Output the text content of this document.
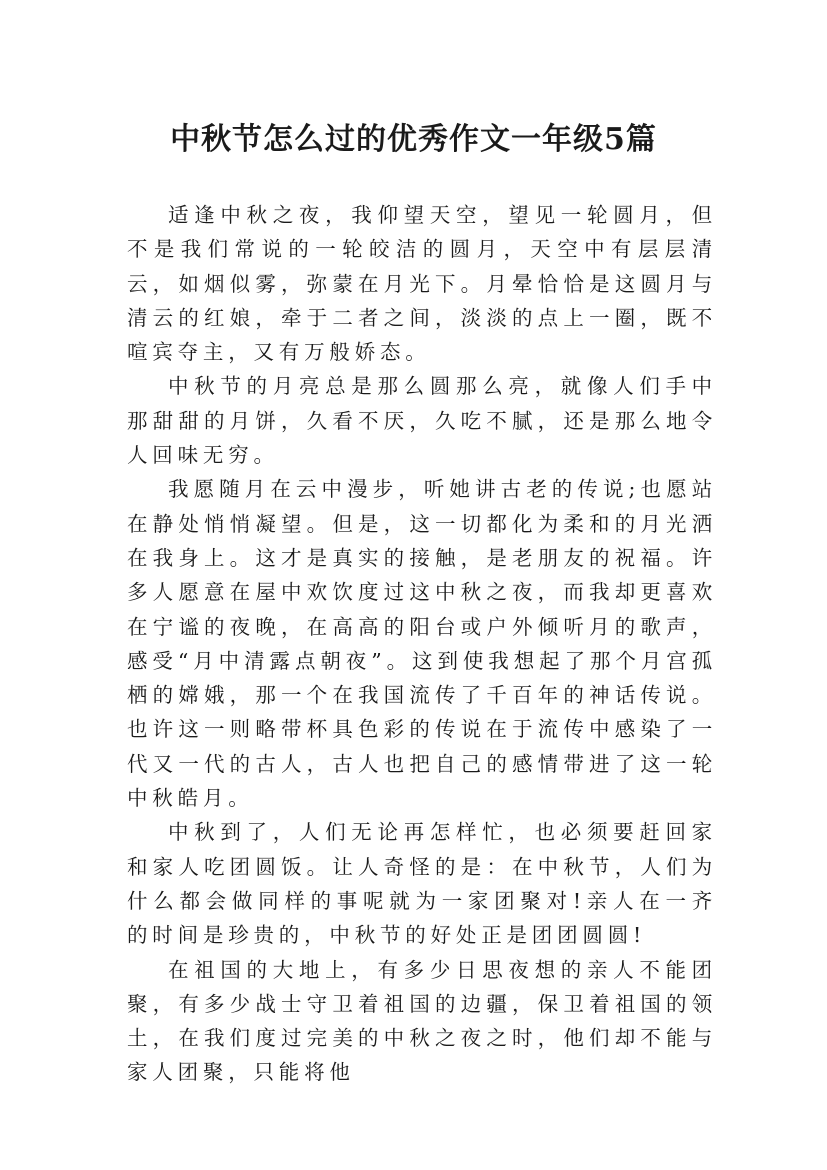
中秋节怎么过的优秀作文一年级5篇

适逢中秋之夜，我仰望天空，望见一轮圆月，但不是我们常说的一轮皎洁的圆月，天空中有层层清云，如烟似雾，弥蒙在月光下。月晕恰恰是这圆月与清云的红娘，牵于二者之间，淡淡的点上一圈，既不喧宾夺主，又有万般娇态。

中秋节的月亮总是那么圆那么亮，就像人们手中那甜甜的月饼，久看不厌，久吃不腻，还是那么地令人回味无穷。

我愿随月在云中漫步，听她讲古老的传说;也愿站在静处悄悄凝望。但是，这一切都化为柔和的月光洒在我身上。这才是真实的接触，是老朋友的祝福。许多人愿意在屋中欢饮度过这中秋之夜，而我却更喜欢在宁谧的夜晚，在高高的阳台或户外倾听月的歌声，感受“月中清露点朝夜”。这到使我想起了那个月宫孤栖的嫦娥，那一个在我国流传了千百年的神话传说。也许这一则略带杯具色彩的传说在于流传中感染了一代又一代的古人，古人也把自己的感情带进了这一轮中秋皓月。

中秋到了，人们无论再怎样忙，也必须要赶回家和家人吃团圆饭。让人奇怪的是：在中秋节，人们为什么都会做同样的事呢就为一家团聚对!亲人在一齐的时间是珍贵的，中秋节的好处正是团团圆圆!

在祖国的大地上，有多少日思夜想的亲人不能团聚，有多少战士守卫着祖国的边疆，保卫着祖国的领土，在我们度过完美的中秋之夜之时，他们却不能与家人团聚，只能将他
